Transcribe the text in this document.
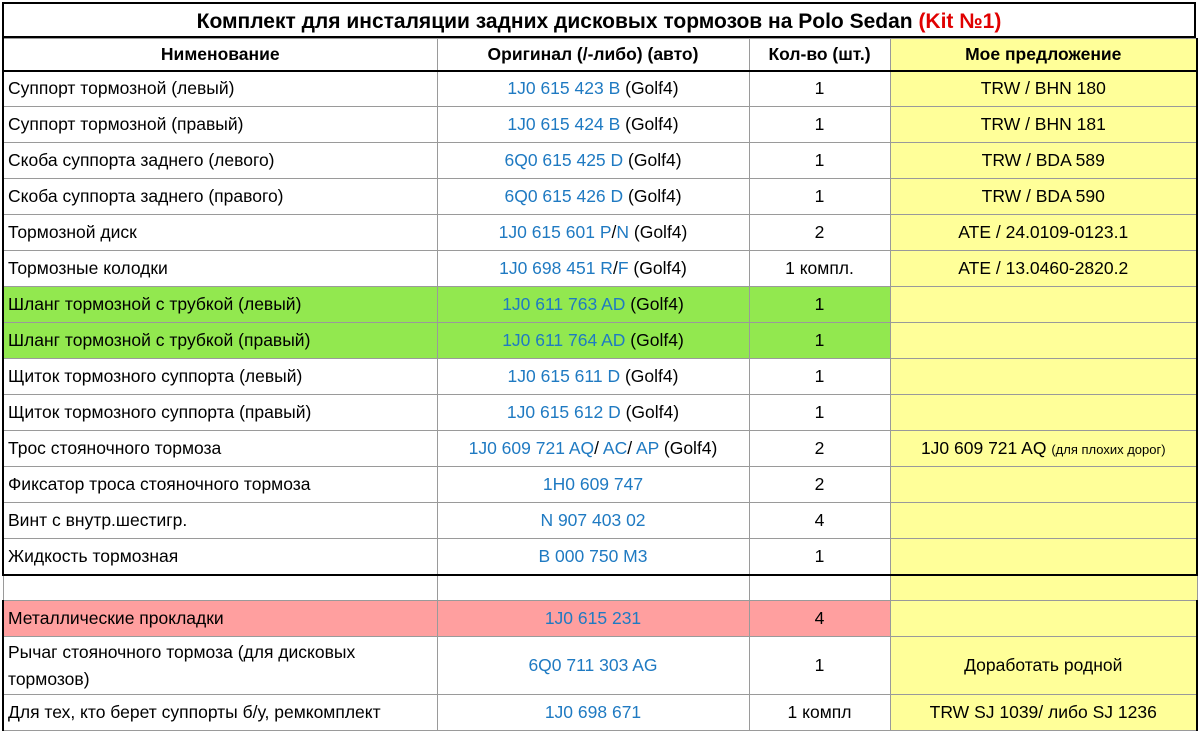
Комплект для инсталяции задних дисковых тормозов на Polo Sedan (Kit №1)
Нименование	Оригинал (/-либо) (авто)	Кол-во (шт.)	Мое предложение
Суппорт тормозной (левый)	1J0 615 423 B (Golf4)	1	TRW / BHN 180
Суппорт тормозной (правый)	1J0 615 424 B (Golf4)	1	TRW / BHN 181
Скоба суппорта заднего (левого)	6Q0 615 425 D (Golf4)	1	TRW / BDA 589
Скоба суппорта заднего (правого)	6Q0 615 426 D (Golf4)	1	TRW / BDA 590
Тормозной диск	1J0 615 601 P/N (Golf4)	2	ATE / 24.0109-0123.1
Тормозные колодки	1J0 698 451 R/F (Golf4)	1 компл.	ATE / 13.0460-2820.2
Шланг тормозной с трубкой (левый)	1J0 611 763 AD (Golf4)	1	
Шланг тормозной с трубкой (правый)	1J0 611 764 AD (Golf4)	1	
Щиток тормозного суппорта (левый)	1J0 615 611 D (Golf4)	1	
Щиток тормозного суппорта (правый)	1J0 615 612 D (Golf4)	1	
Трос стояночного тормоза	1J0 609 721 AQ/ AC/ AP (Golf4)	2	1J0 609 721 AQ (для плохих дорог)
Фиксатор троса стояночного тормоза	1H0 609 747	2	
Винт с внутр.шестигр.	N 907 403 02	4	
Жидкость тормозная	B 000 750 M3	1	

Металлические прокладки	1J0 615 231	4	
Рычаг стояночного тормоза (для дисковых тормозов)	6Q0 711 303 AG	1	Доработать родной
Для тех, кто берет суппорты б/у, ремкомплект	1J0 698 671	1 компл	TRW SJ 1039/ либо SJ 1236
